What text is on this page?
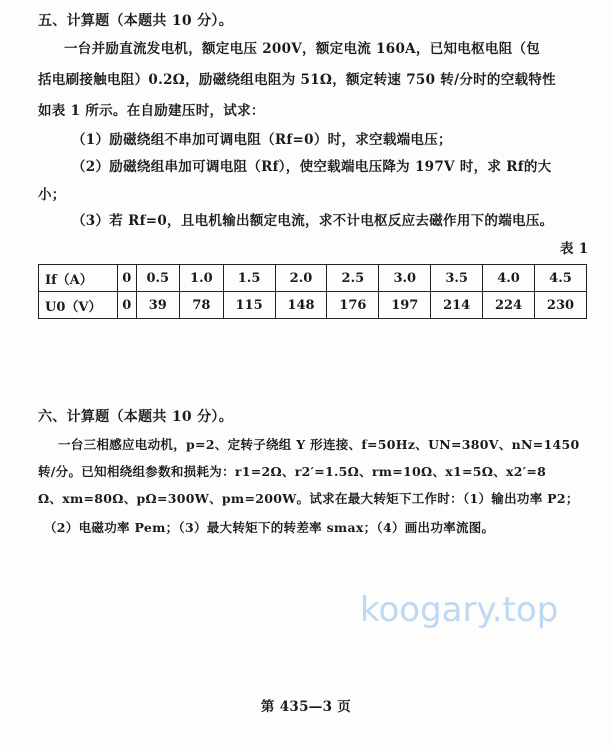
koogary.top
五、计算题（本题共 10 分）。
一台并励直流发电机，额定电压 200V，额定电流 160A，已知电枢电阻（包
括电刷接触电阻）0.2Ω，励磁绕组电阻为 51Ω，额定转速 750 转/分时的空载特性
如表 1 所示。在自励建压时，试求：
（1）励磁绕组不串加可调电阻（Rf=0）时，求空载端电压；
（2）励磁绕组串加可调电阻（Rf），使空载端电压降为 197V 时，求 Rf的大
小；
（3）若 Rf=0，且电机输出额定电流，求不计电枢反应去磁作用下的端电压。
表 1
If（A）	0	0.5	1.0	1.5	2.0	2.5	3.0	3.5	4.0	4.5
U0（V）	0	39	78	115	148	176	197	214	224	230
六、计算题（本题共 10 分）。
一台三相感应电动机，p=2、定转子绕组 Y 形连接、f=50Hz、UN=380V、nN=1450
转/分。已知相绕组参数和损耗为：r1=2Ω、r2′=1.5Ω、rm=10Ω、x1=5Ω、x2′=8
Ω、xm=80Ω、pΩ=300W、pm=200W。试求在最大转矩下工作时：（1）输出功率 P2；
（2）电磁功率 Pem；（3）最大转矩下的转差率 smax；（4）画出功率流图。
第 435—3 页
